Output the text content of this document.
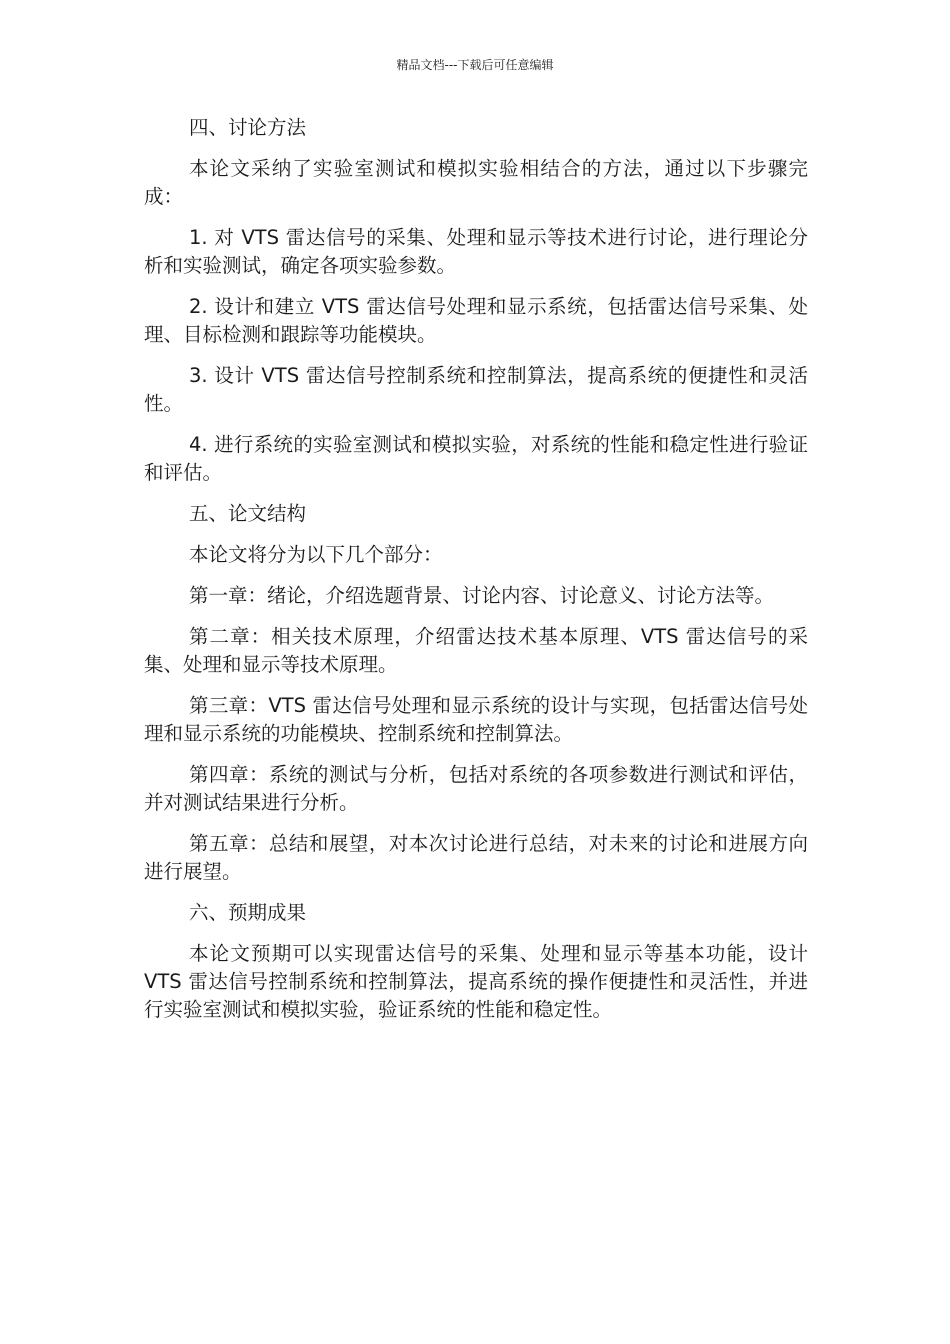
精品文档---下载后可任意编辑

四、讨论方法

本论文采纳了实验室测试和模拟实验相结合的方法，通过以下步骤完成：

1. 对 VTS 雷达信号的采集、处理和显示等技术进行讨论，进行理论分析和实验测试，确定各项实验参数。

2. 设计和建立 VTS 雷达信号处理和显示系统，包括雷达信号采集、处理、目标检测和跟踪等功能模块。

3. 设计 VTS 雷达信号控制系统和控制算法，提高系统的便捷性和灵活性。

4. 进行系统的实验室测试和模拟实验，对系统的性能和稳定性进行验证和评估。

五、论文结构

本论文将分为以下几个部分：

第一章：绪论，介绍选题背景、讨论内容、讨论意义、讨论方法等。

第二章：相关技术原理，介绍雷达技术基本原理、VTS 雷达信号的采集、处理和显示等技术原理。

第三章：VTS 雷达信号处理和显示系统的设计与实现，包括雷达信号处理和显示系统的功能模块、控制系统和控制算法。

第四章：系统的测试与分析，包括对系统的各项参数进行测试和评估，并对测试结果进行分析。

第五章：总结和展望，对本次讨论进行总结，对未来的讨论和进展方向进行展望。

六、预期成果

本论文预期可以实现雷达信号的采集、处理和显示等基本功能，设计 VTS 雷达信号控制系统和控制算法，提高系统的操作便捷性和灵活性，并进行实验室测试和模拟实验，验证系统的性能和稳定性。
